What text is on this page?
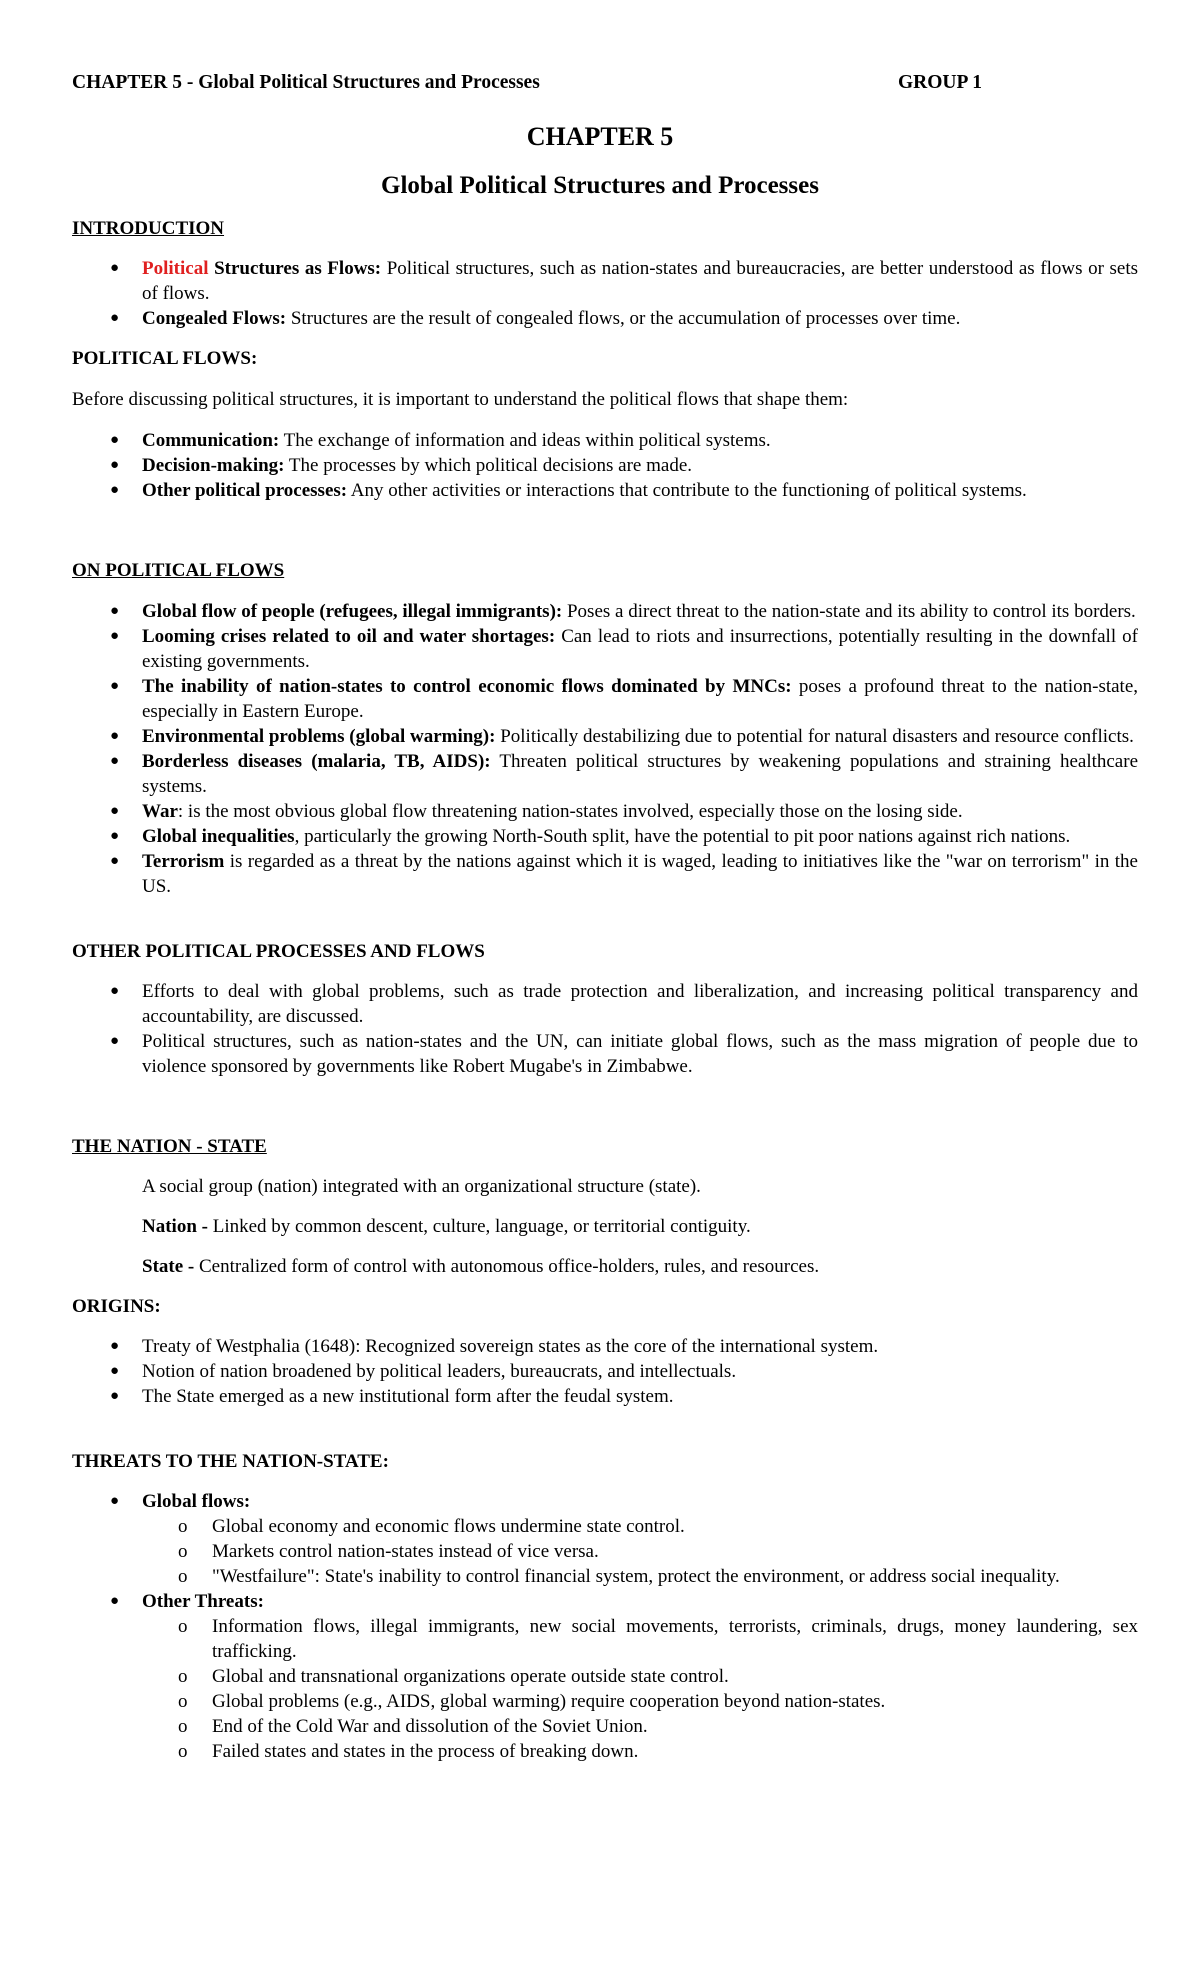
CHAPTER 5 - Global Political Structures and Processes	GROUP 1
CHAPTER 5
Global Political Structures and Processes

INTRODUCTION

● Political Structures as Flows: Political structures, such as nation-states and bureaucracies, are better understood as flows or sets of flows.
● Congealed Flows: Structures are the result of congealed flows, or the accumulation of processes over time.

POLITICAL FLOWS:

Before discussing political structures, it is important to understand the political flows that shape them:

● Communication: The exchange of information and ideas within political systems.
● Decision-making: The processes by which political decisions are made.
● Other political processes: Any other activities or interactions that contribute to the functioning of political systems.

ON POLITICAL FLOWS

● Global flow of people (refugees, illegal immigrants): Poses a direct threat to the nation-state and its ability to control its borders.
● Looming crises related to oil and water shortages: Can lead to riots and insurrections, potentially resulting in the downfall of existing governments.
● The inability of nation-states to control economic flows dominated by MNCs: poses a profound threat to the nation-state, especially in Eastern Europe.
● Environmental problems (global warming): Politically destabilizing due to potential for natural disasters and resource conflicts.
● Borderless diseases (malaria, TB, AIDS): Threaten political structures by weakening populations and straining healthcare systems.
● War: is the most obvious global flow threatening nation-states involved, especially those on the losing side.
● Global inequalities, particularly the growing North-South split, have the potential to pit poor nations against rich nations.
● Terrorism is regarded as a threat by the nations against which it is waged, leading to initiatives like the "war on terrorism" in the US.

OTHER POLITICAL PROCESSES AND FLOWS

● Efforts to deal with global problems, such as trade protection and liberalization, and increasing political transparency and accountability, are discussed.
● Political structures, such as nation-states and the UN, can initiate global flows, such as the mass migration of people due to violence sponsored by governments like Robert Mugabe's in Zimbabwe.

THE NATION - STATE

A social group (nation) integrated with an organizational structure (state).

Nation - Linked by common descent, culture, language, or territorial contiguity.

State - Centralized form of control with autonomous office-holders, rules, and resources.

ORIGINS:

● Treaty of Westphalia (1648): Recognized sovereign states as the core of the international system.
● Notion of nation broadened by political leaders, bureaucrats, and intellectuals.
● The State emerged as a new institutional form after the feudal system.

THREATS TO THE NATION-STATE:

● Global flows:
o Global economy and economic flows undermine state control.
o Markets control nation-states instead of vice versa.
o "Westfailure": State's inability to control financial system, protect the environment, or address social inequality.
● Other Threats:
o Information flows, illegal immigrants, new social movements, terrorists, criminals, drugs, money laundering, sex trafficking.
o Global and transnational organizations operate outside state control.
o Global problems (e.g., AIDS, global warming) require cooperation beyond nation-states.
o End of the Cold War and dissolution of the Soviet Union.
o Failed states and states in the process of breaking down.
